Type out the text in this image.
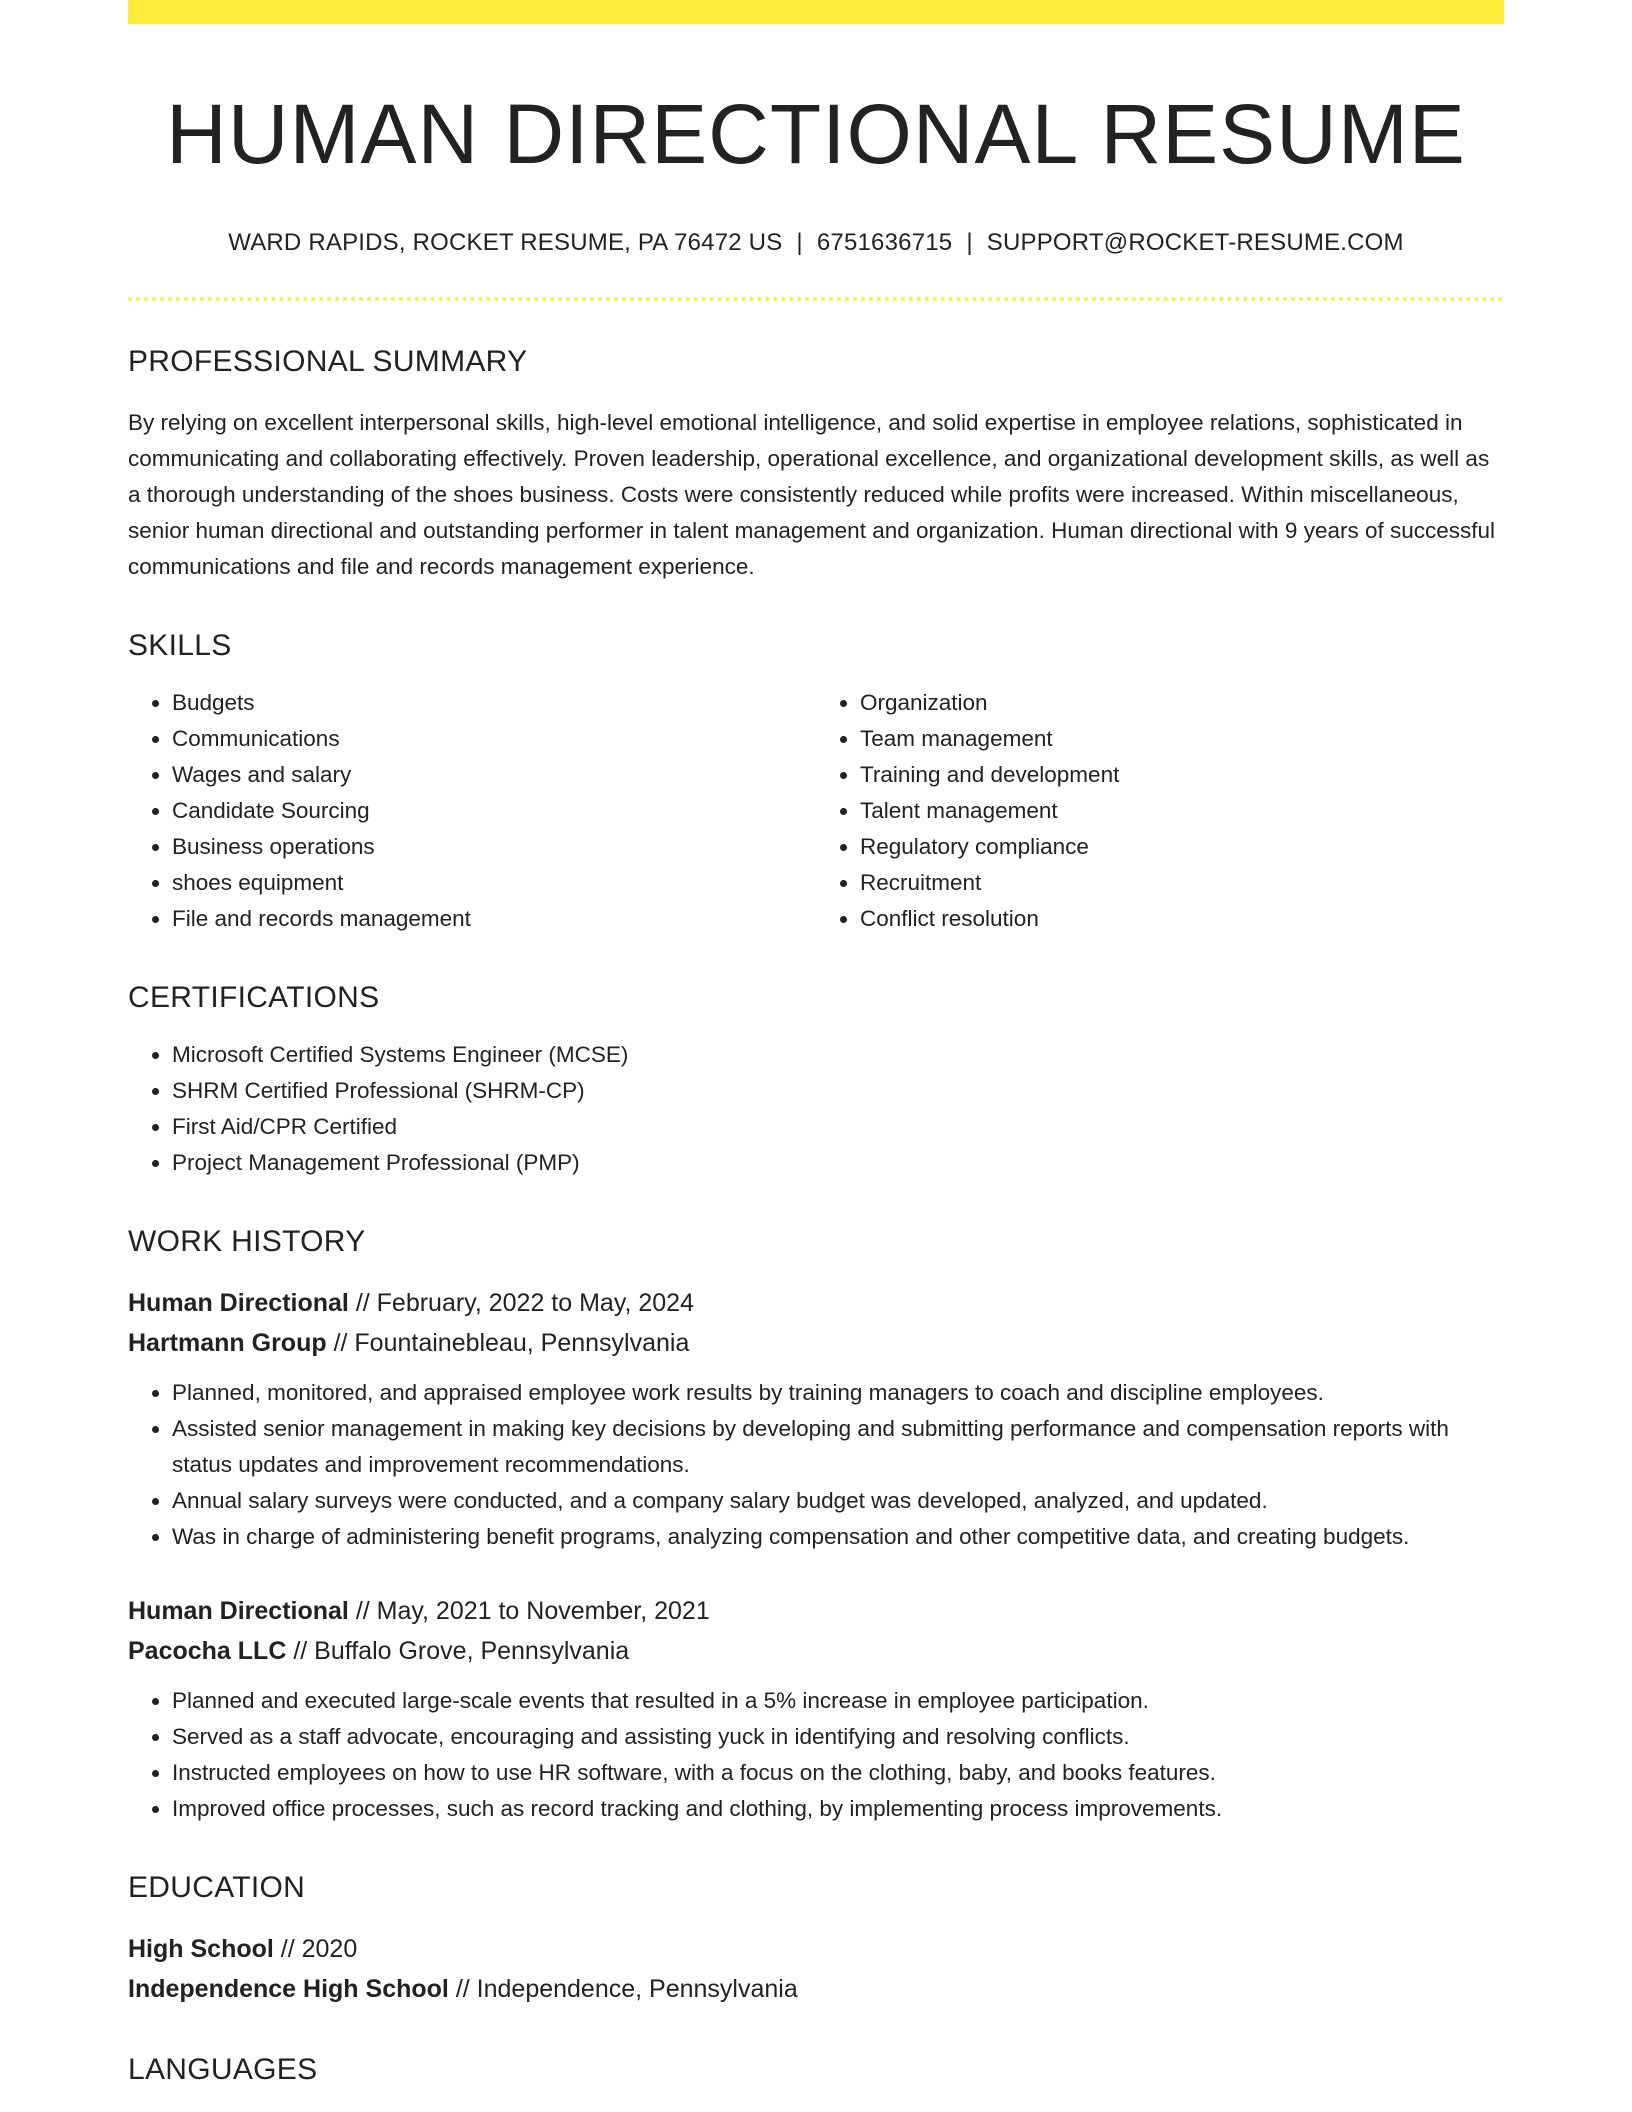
HUMAN DIRECTIONAL RESUME
WARD RAPIDS, ROCKET RESUME, PA 76472 US | 6751636715 | SUPPORT@ROCKET-RESUME.COM
PROFESSIONAL SUMMARY

By relying on excellent interpersonal skills, high-level emotional intelligence, and solid expertise in employee relations, sophisticated in communicating and collaborating effectively. Proven leadership, operational excellence, and organizational development skills, as well as a thorough understanding of the shoes business. Costs were consistently reduced while profits were increased. Within miscellaneous, senior human directional and outstanding performer in talent management and organization. Human directional with 9 years of successful communications and file and records management experience.

SKILLS
• Budgets
• Communications
• Wages and salary
• Candidate Sourcing
• Business operations
• shoes equipment
• File and records management
• Organization
• Team management
• Training and development
• Talent management
• Regulatory compliance
• Recruitment
• Conflict resolution
CERTIFICATIONS
• Microsoft Certified Systems Engineer (MCSE)
• SHRM Certified Professional (SHRM-CP)
• First Aid/CPR Certified
• Project Management Professional (PMP)
WORK HISTORY
Human Directional // February, 2022 to May, 2024
Hartmann Group // Fountainebleau, Pennsylvania
• Planned, monitored, and appraised employee work results by training managers to coach and discipline employees.
• Assisted senior management in making key decisions by developing and submitting performance and compensation reports with status updates and improvement recommendations.
• Annual salary surveys were conducted, and a company salary budget was developed, analyzed, and updated.
• Was in charge of administering benefit programs, analyzing compensation and other competitive data, and creating budgets.
Human Directional // May, 2021 to November, 2021
Pacocha LLC // Buffalo Grove, Pennsylvania
• Planned and executed large-scale events that resulted in a 5% increase in employee participation.
• Served as a staff advocate, encouraging and assisting yuck in identifying and resolving conflicts.
• Instructed employees on how to use HR software, with a focus on the clothing, baby, and books features.
• Improved office processes, such as record tracking and clothing, by implementing process improvements.
EDUCATION
High School // 2020
Independence High School // Independence, Pennsylvania
LANGUAGES
